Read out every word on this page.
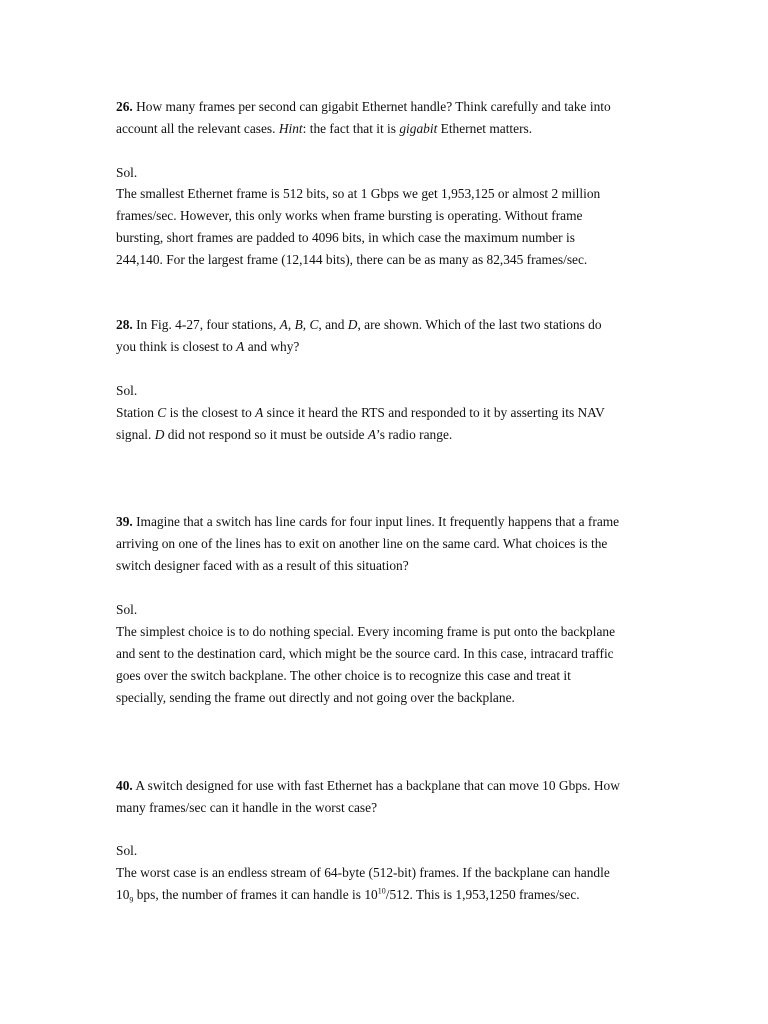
26. How many frames per second can gigabit Ethernet handle? Think carefully and take into
account all the relevant cases. Hint: the fact that it is gigabit Ethernet matters.
Sol.
The smallest Ethernet frame is 512 bits, so at 1 Gbps we get 1,953,125 or almost 2 million
frames/sec. However, this only works when frame bursting is operating. Without frame
bursting, short frames are padded to 4096 bits, in which case the maximum number is
244,140. For the largest frame (12,144 bits), there can be as many as 82,345 frames/sec.
28. In Fig. 4-27, four stations, A, B, C, and D, are shown. Which of the last two stations do
you think is closest to A and why?
Sol.
Station C is the closest to A since it heard the RTS and responded to it by asserting its NAV
signal. D did not respond so it must be outside A’s radio range.
39. Imagine that a switch has line cards for four input lines. It frequently happens that a frame
arriving on one of the lines has to exit on another line on the same card. What choices is the
switch designer faced with as a result of this situation?
Sol.
The simplest choice is to do nothing special. Every incoming frame is put onto the backplane
and sent to the destination card, which might be the source card. In this case, intracard traffic
goes over the switch backplane. The other choice is to recognize this case and treat it
specially, sending the frame out directly and not going over the backplane.
40. A switch designed for use with fast Ethernet has a backplane that can move 10 Gbps. How
many frames/sec can it handle in the worst case?
Sol.
The worst case is an endless stream of 64-byte (512-bit) frames. If the backplane can handle
$10_9$ bps, the number of frames it can handle is $10^{10}/512$. This is 1,953,1250 frames/sec.
